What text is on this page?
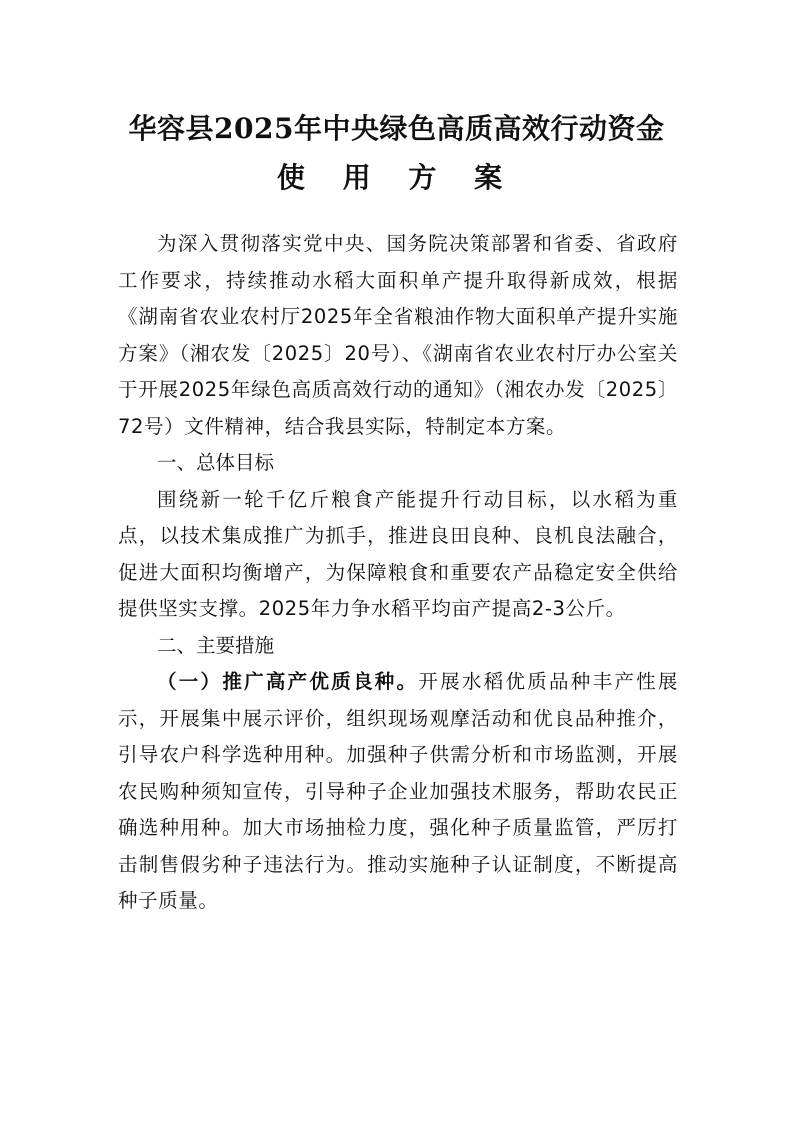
华容县2025年中央绿色高质高效行动资金
使 用 方 案

为深入贯彻落实党中央、国务院决策部署和省委、省政府工作要求，持续推动水稻大面积单产提升取得新成效，根据《湖南省农业农村厅2025年全省粮油作物大面积单产提升实施方案》（湘农发〔2025〕20号）、《湖南省农业农村厅办公室关于开展2025年绿色高质高效行动的通知》（湘农办发〔2025〕72号）文件精神，结合我县实际，特制定本方案。

一、总体目标

围绕新一轮千亿斤粮食产能提升行动目标，以水稻为重点，以技术集成推广为抓手，推进良田良种、良机良法融合，促进大面积均衡增产，为保障粮食和重要农产品稳定安全供给提供坚实支撑。2025年力争水稻平均亩产提高2-3公斤。

二、主要措施

（一）推广高产优质良种。开展水稻优质品种丰产性展示，开展集中展示评价，组织现场观摩活动和优良品种推介，引导农户科学选种用种。加强种子供需分析和市场监测，开展农民购种须知宣传，引导种子企业加强技术服务，帮助农民正确选种用种。加大市场抽检力度，强化种子质量监管，严厉打击制售假劣种子违法行为。推动实施种子认证制度，不断提高种子质量。
